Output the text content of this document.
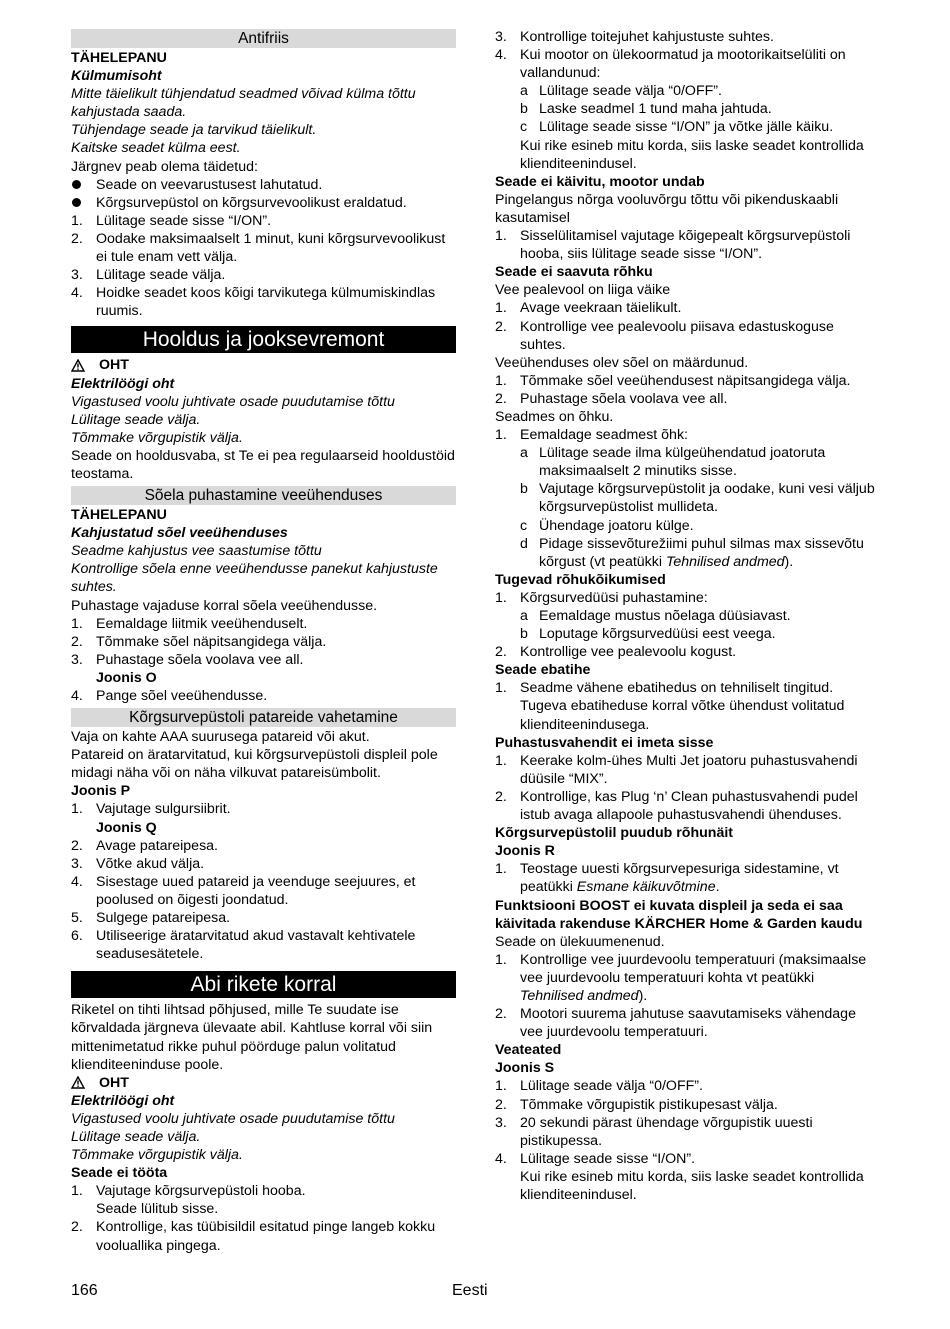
Antifriis
TÄHELEPANU
Külmumisoht
Mitte täielikult tühjendatud seadmed võivad külma tõttu kahjustada saada.
Tühjendage seade ja tarvikud täielikult.
Kaitske seadet külma eest.
Järgnev peab olema täidetud:
Seade on veevarustusest lahutatud.
Kõrgsurvepüstol on kõrgsurvevoolikust eraldatud.
1. Lülitage seade sisse “I/ON”.
2. Oodake maksimaalselt 1 minut, kuni kõrgsurvevoolikust ei tule enam vett välja.
3. Lülitage seade välja.
4. Hoidke seadet koos kõigi tarvikutega külmumiskindlas ruumis.
Hooldus ja jooksevremont
OHT
Elektrilöögi oht
Vigastused voolu juhtivate osade puudutamise tõttu
Lülitage seade välja.
Tõmmake võrgupistik välja.
Seade on hooldusvaba, st Te ei pea regulaarseid hooldustöid teostama.
Sõela puhastamine veeühenduses
TÄHELEPANU
Kahjustatud sõel veeühenduses
Seadme kahjustus vee saastumise tõttu
Kontrollige sõela enne veeühendusse panekut kahjustuste suhtes.
Puhastage vajaduse korral sõela veeühendusse.
1. Eemaldage liitmik veeühenduselt.
2. Tõmmake sõel näpitsangidega välja.
3. Puhastage sõela voolava vee all.
Joonis O
4. Pange sõel veeühendusse.
Kõrgsurvepüstoli patareide vahetamine
Vaja on kahte AAA suurusega patareid või akut.
Patareid on äratarvitatud, kui kõrgsurvepüstoli displeil pole midagi näha või on näha vilkuvat patareisümbolit.
Joonis P
1. Vajutage sulgursiibrit.
Joonis Q
2. Avage patareipesa.
3. Võtke akud välja.
4. Sisestage uued patareid ja veenduge seejuures, et poolused on õigesti joondatud.
5. Sulgege patareipesa.
6. Utiliseerige äratarvitatud akud vastavalt kehtivatele seadusesätetele.
Abi rikete korral
Riketel on tihti lihtsad põhjused, mille Te suudate ise kõrvaldada järgneva ülevaate abil. Kahtluse korral või siin mittenimetatud rikke puhul pöörduge palun volitatud klienditeeninduse poole.
OHT
Elektrilöögi oht
Vigastused voolu juhtivate osade puudutamise tõttu
Lülitage seade välja.
Tõmmake võrgupistik välja.
Seade ei tööta
1. Vajutage kõrgsurvepüstoli hooba.
Seade lülitub sisse.
2. Kontrollige, kas tüübisildil esitatud pinge langeb kokku vooluallika pingega.
3. Kontrollige toitejuhet kahjustuste suhtes.
4. Kui mootor on ülekoormatud ja mootorikaitselüliti on vallandunud:
a Lülitage seade välja “0/OFF”.
b Laske seadmel 1 tund maha jahtuda.
c Lülitage seade sisse “I/ON” ja võtke jälle käiku.
Kui rike esineb mitu korda, siis laske seadet kontrollida klienditeenindusel.
Seade ei käivitu, mootor undab
Pingelangus nõrga vooluvõrgu tõttu või pikenduskaabli kasutamisel
1. Sisselülitamisel vajutage kõigepealt kõrgsurvepüstoli hooba, siis lülitage seade sisse “I/ON”.
Seade ei saavuta rõhku
Vee pealevool on liiga väike
1. Avage veekraan täielikult.
2. Kontrollige vee pealevoolu piisava edastuskoguse suhtes.
Veeühenduses olev sõel on määrdunud.
1. Tõmmake sõel veeühendusest näpitsangidega välja.
2. Puhastage sõela voolava vee all.
Seadmes on õhku.
1. Eemaldage seadmest õhk:
a Lülitage seade ilma külgeühendatud joatoruta maksimaalselt 2 minutiks sisse.
b Vajutage kõrgsurvepüstolit ja oodake, kuni vesi väljub kõrgsurvepüstolist mullideta.
c Ühendage joatoru külge.
d Pidage sissevõturežiimi puhul silmas max sissevõtu kõrgust (vt peatükki Tehnilised andmed).
Tugevad rõhukõikumised
1. Kõrgsurvedüüsi puhastamine:
a Eemaldage mustus nõelaga düüsiavast.
b Loputage kõrgsurvedüüsi eest veega.
2. Kontrollige vee pealevoolu kogust.
Seade ebatihe
1. Seadme vähene ebatihedus on tehniliselt tingitud. Tugeva ebatiheduse korral võtke ühendust volitatud klienditeenindusega.
Puhastusvahendit ei imeta sisse
1. Keerake kolm-ühes Multi Jet joatoru puhastusvahendi düüsile “MIX”.
2. Kontrollige, kas Plug ‘n’ Clean puhastusvahendi pudel istub avaga allapoole puhastusvahendi ühenduses.
Kõrgsurvepüstolil puudub rõhunäit
Joonis R
1. Teostage uuesti kõrgsurvepesuriga sidestamine, vt peatükki Esmane käikuvõtmine.
Funktsiooni BOOST ei kuvata displeil ja seda ei saa käivitada rakenduse KÄRCHER Home & Garden kaudu
Seade on ülekuumenenud.
1. Kontrollige vee juurdevoolu temperatuuri (maksimaalse vee juurdevoolu temperatuuri kohta vt peatükki Tehnilised andmed).
2. Mootori suurema jahutuse saavutamiseks vähendage vee juurdevoolu temperatuuri.
Veateated
Joonis S
1. Lülitage seade välja “0/OFF”.
2. Tõmmake võrgupistik pistikupesast välja.
3. 20 sekundi pärast ühendage võrgupistik uuesti pistikupessa.
4. Lülitage seade sisse “I/ON”.
Kui rike esineb mitu korda, siis laske seadet kontrollida klienditeenindusel.
166	Eesti
